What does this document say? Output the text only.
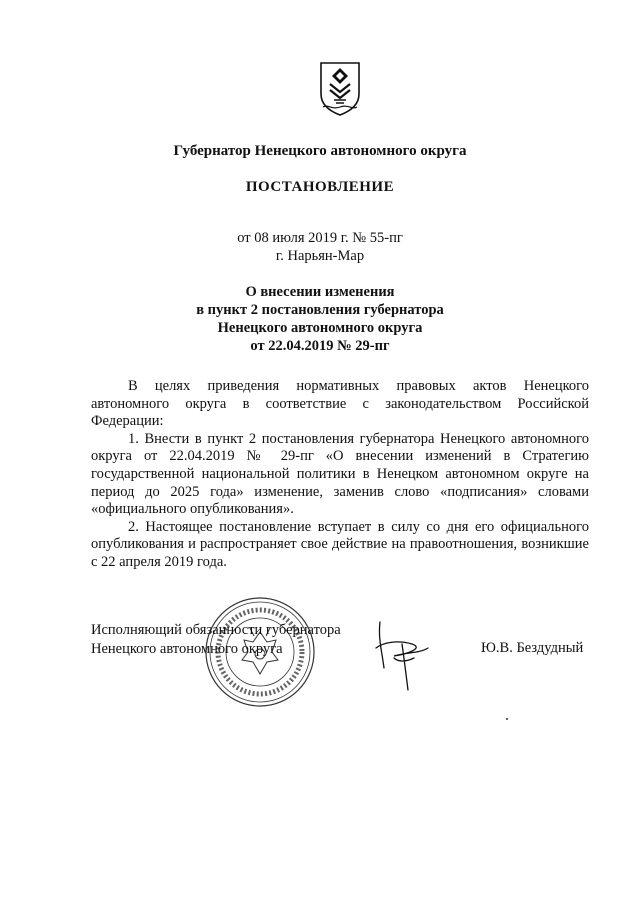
Губернатор Ненецкого автономного округа
ПОСТАНОВЛЕНИЕ
от 08 июля 2019 г. № 55-пг
г. Нарьян-Мар
О внесении изменения
в пункт 2 постановления губернатора
Ненецкого автономного округа
от 22.04.2019 № 29-пг

В целях приведения нормативных правовых актов Ненецкого автономного округа в соответствие с законодательством Российской Федерации:

1. Внести в пункт 2 постановления губернатора Ненецкого автономного округа от 22.04.2019 № 29-пг «О внесении изменений в Стратегию государственной национальной политики в Ненецком автономном округе на период до 2025 года» изменение, заменив слово «подписания» словами «официального опубликования».

2. Настоящее постановление вступает в силу со дня его официального опубликования и распространяет свое действие на правоотношения, возникшие с 22 апреля 2019 года.

Исполняющий обязанности губернатора
Ненецкого автономного округа	Ю.В. Бездудный
